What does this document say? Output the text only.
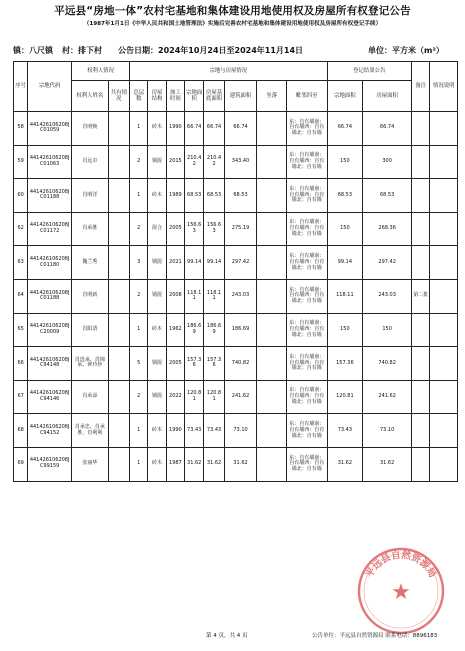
平远县“房地一体”农村宅基地和集体建设用地使用权及房屋所有权登记公告
（1987年1月1日《中华人民共和国土地管理法》实施后完善农村宅基地和集体建设用地使用权及房屋所有权登记手续）
镇：八尺镇 村：排下村 公告日期：2024年10月24日至2024年11月14日	单位：平方米（m²）
序号	宗地代码	权利人情况		宗地与房屋情况								登记结果公告		备注	情况说明
		权利人姓名	共有情况	总层数	房屋结构	竣工时间	宗地面积	房屋基底面积	建筑面积	坐落	毗邻四至	宗地面积	房屋面积		
58	441426106208JC01059	肖明焕		1	砖木	1990	66.74	66.74	66.74		东：自有墙南：自有墙西：自有墙北：自有墙	66.74	66.74		
59	441426106208JC01063	肖远卓		2	钢混	2015	210.42	210.42	343.40		东：自有墙南：自有墙西：自有墙北：自有墙	150	300		
60	441426106208JC01188	肖明洋		1	砖木	1989	68.53	68.53	68.53		东：自有墙南：自有墙西：自有墙北：自有墙	68.53	68.53		
62	441426106208JC01172	肖承胜		2	混合	2005	156.63	156.63	275.19		东：自有墙南：自有墙西：自有墙北：自有墙	150	268.36		
63	441426106208JC01180	魏兰秀		3	钢混	2021	99.14	99.14	297.42		东：自有墙南：自有墙西：自有墙北：自有墙	99.14	297.42		
64	441426106208JC01188	肖明新		2	钢混	2008	118.11	118.11	243.03		东：自有墙南：自有墙西：自有墙北：自有墙	118.11	243.03	第二批	
65	441426106208JC20009	肖阳清		1	砖木	1962	186.69	186.69	186.69		东：自有墙南：自有墙西：自有墙北：自有墙	150	150		
66	441426106208JC94148	肖选承、肖锦承、钟玲珍		5	钢混	2005	157.36	157.36	740.82		东：自有墙南：自有墙西：自有墙北：自有墙	157.36	740.82		
67	441426106208JC94146	肖承添		2	钢混	2022	120.81	120.81	241.62		东：自有墙南：自有墙西：自有墙北：自有墙	120.81	241.62		
68	441426106208JC94152	肖承忠、肖承胜、肖利利		1	砖木	1990	73.43	73.43	73.10		东：自有墙南：自有墙西：自有墙北：自有墙	73.43	73.10		
69	441426106208JC99159	张丽华		1	砖木	1987	31.62	31.62	31.62		东：自有墙南：自有墙西：自有墙北：自有墙	31.62	31.62		
平远县自然资源局
★
第 4 页，共 4 页	公告单位：平远县自然资源局 联系电话：8896183
